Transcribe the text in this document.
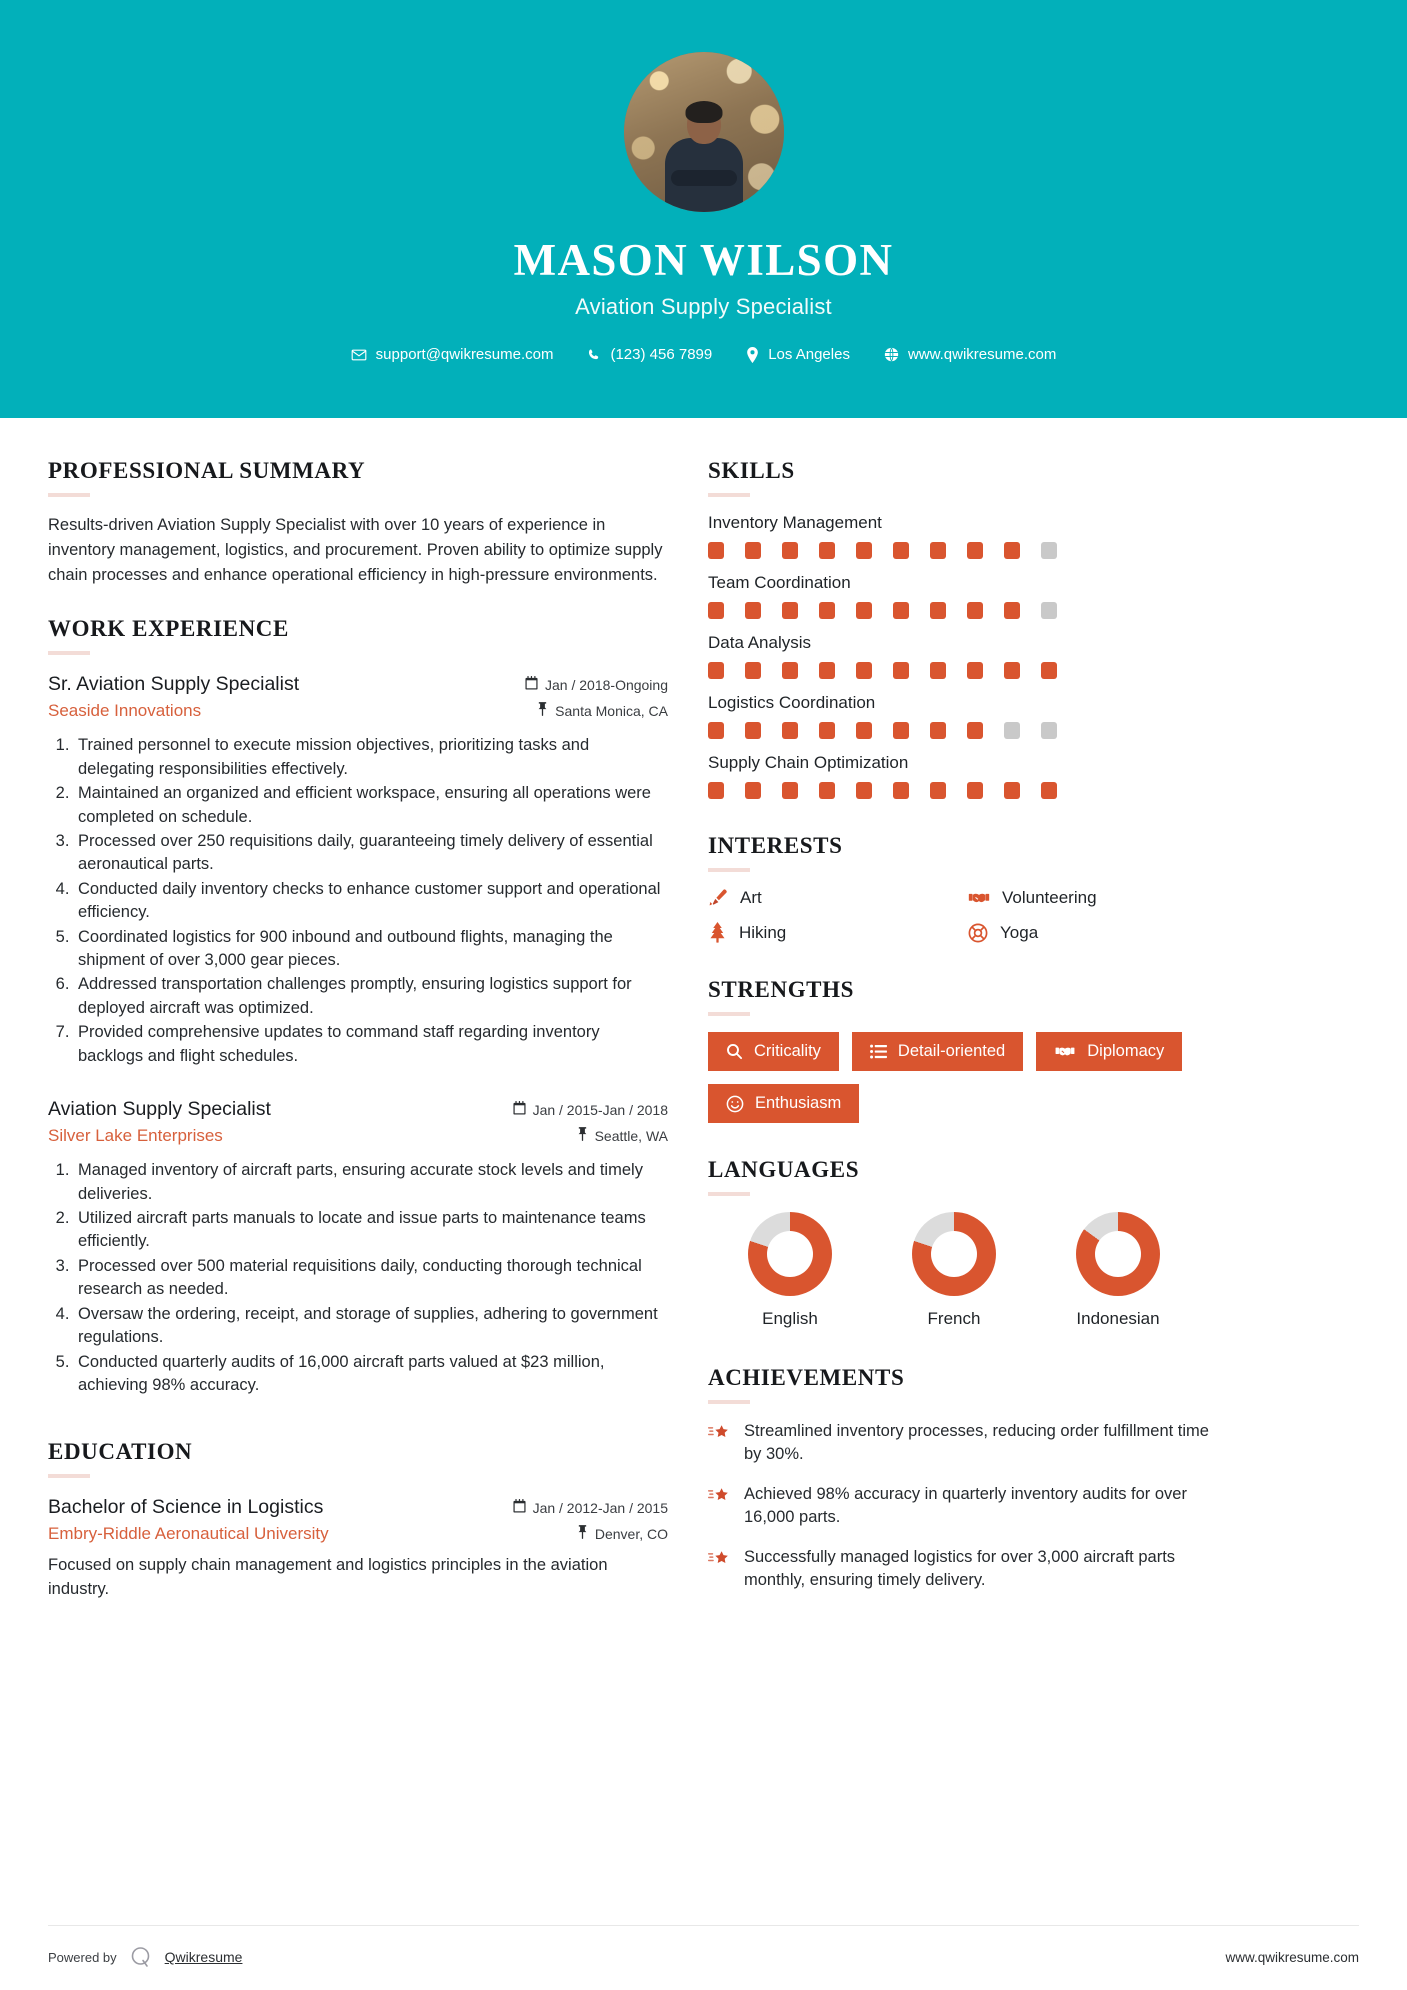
MASON WILSON
Aviation Supply Specialist
support@qwikresume.com	(123) 456 7899	Los Angeles	www.qwikresume.com
PROFESSIONAL SUMMARY
Results-driven Aviation Supply Specialist with over 10 years of experience in inventory management, logistics, and procurement. Proven ability to optimize supply chain processes and enhance operational efficiency in high-pressure environments.
WORK EXPERIENCE
Sr. Aviation Supply Specialist	Jan / 2018-Ongoing
Seaside Innovations	Santa Monica, CA
1. Trained personnel to execute mission objectives, prioritizing tasks and delegating responsibilities effectively.
2. Maintained an organized and efficient workspace, ensuring all operations were completed on schedule.
3. Processed over 250 requisitions daily, guaranteeing timely delivery of essential aeronautical parts.
4. Conducted daily inventory checks to enhance customer support and operational efficiency.
5. Coordinated logistics for 900 inbound and outbound flights, managing the shipment of over 3,000 gear pieces.
6. Addressed transportation challenges promptly, ensuring logistics support for deployed aircraft was optimized.
7. Provided comprehensive updates to command staff regarding inventory backlogs and flight schedules.
Aviation Supply Specialist	Jan / 2015-Jan / 2018
Silver Lake Enterprises	Seattle, WA
1. Managed inventory of aircraft parts, ensuring accurate stock levels and timely deliveries.
2. Utilized aircraft parts manuals to locate and issue parts to maintenance teams efficiently.
3. Processed over 500 material requisitions daily, conducting thorough technical research as needed.
4. Oversaw the ordering, receipt, and storage of supplies, adhering to government regulations.
5. Conducted quarterly audits of 16,000 aircraft parts valued at $23 million, achieving 98% accuracy.
EDUCATION
Bachelor of Science in Logistics	Jan / 2012-Jan / 2015
Embry-Riddle Aeronautical University	Denver, CO
Focused on supply chain management and logistics principles in the aviation industry.
SKILLS
Inventory Management
Team Coordination
Data Analysis
Logistics Coordination
Supply Chain Optimization
INTERESTS
Art	Volunteering
Hiking	Yoga
STRENGTHS
Criticality	Detail-oriented	Diplomacy
Enthusiasm
LANGUAGES
English	French	Indonesian
ACHIEVEMENTS
Streamlined inventory processes, reducing order fulfillment time by 30%.
Achieved 98% accuracy in quarterly inventory audits for over 16,000 parts.
Successfully managed logistics for over 3,000 aircraft parts monthly, ensuring timely delivery.
Powered by	Qwikresume	www.qwikresume.com
